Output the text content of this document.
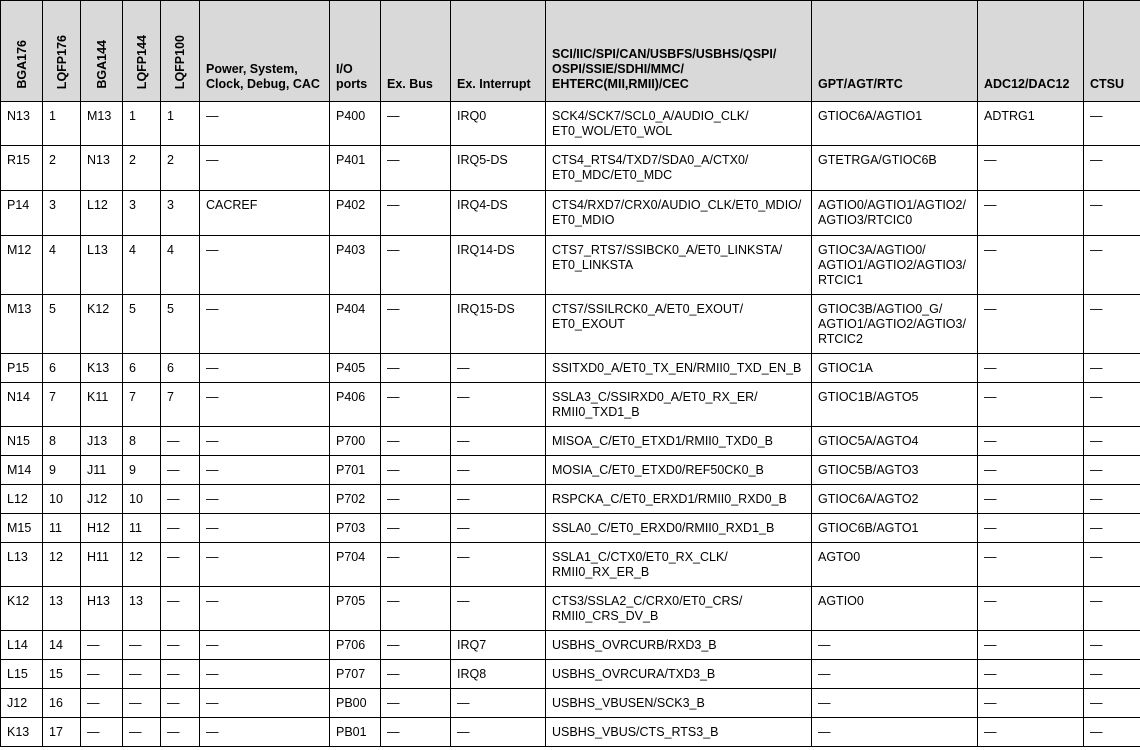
BGA176	LQFP176	BGA144	LQFP144	LQFP100	Power, System, Clock, Debug, CAC	I/O ports	Ex. Bus	Ex. Interrupt	SCI/IIC/SPI/CAN/USBFS/USBHS/QSPI/ OSPI/SSIE/SDHI/MMC/ EHTERC(MII,RMII)/CEC	GPT/AGT/RTC	ADC12/DAC12	CTSU
N13	1	M13	1	1	—	P400	—	IRQ0	SCK4/SCK7/SCL0_A/AUDIO_CLK/ ET0_WOL/ET0_WOL	GTIOC6A/AGTIO1	ADTRG1	—
R15	2	N13	2	2	—	P401	—	IRQ5-DS	CTS4_RTS4/TXD7/SDA0_A/CTX0/ ET0_MDC/ET0_MDC	GTETRGA/GTIOC6B	—	—
P14	3	L12	3	3	CACREF	P402	—	IRQ4-DS	CTS4/RXD7/CRX0/AUDIO_CLK/ET0_MDIO/ ET0_MDIO	AGTIO0/AGTIO1/AGTIO2/ AGTIO3/RTCIC0	—	—
M12	4	L13	4	4	—	P403	—	IRQ14-DS	CTS7_RTS7/SSIBCK0_A/ET0_LINKSTA/ ET0_LINKSTA	GTIOC3A/AGTIO0/ AGTIO1/AGTIO2/AGTIO3/ RTCIC1	—	—
M13	5	K12	5	5	—	P404	—	IRQ15-DS	CTS7/SSILRCK0_A/ET0_EXOUT/ ET0_EXOUT	GTIOC3B/AGTIO0_G/ AGTIO1/AGTIO2/AGTIO3/ RTCIC2	—	—
P15	6	K13	6	6	—	P405	—	—	SSITXD0_A/ET0_TX_EN/RMII0_TXD_EN_B	GTIOC1A	—	—
N14	7	K11	7	7	—	P406	—	—	SSLA3_C/SSIRXD0_A/ET0_RX_ER/ RMII0_TXD1_B	GTIOC1B/AGTO5	—	—
N15	8	J13	8	—	—	P700	—	—	MISOA_C/ET0_ETXD1/RMII0_TXD0_B	GTIOC5A/AGTO4	—	—
M14	9	J11	9	—	—	P701	—	—	MOSIA_C/ET0_ETXD0/REF50CK0_B	GTIOC5B/AGTO3	—	—
L12	10	J12	10	—	—	P702	—	—	RSPCKA_C/ET0_ERXD1/RMII0_RXD0_B	GTIOC6A/AGTO2	—	—
M15	11	H12	11	—	—	P703	—	—	SSLA0_C/ET0_ERXD0/RMII0_RXD1_B	GTIOC6B/AGTO1	—	—
L13	12	H11	12	—	—	P704	—	—	SSLA1_C/CTX0/ET0_RX_CLK/ RMII0_RX_ER_B	AGTO0	—	—
K12	13	H13	13	—	—	P705	—	—	CTS3/SSLA2_C/CRX0/ET0_CRS/ RMII0_CRS_DV_B	AGTIO0	—	—
L14	14	—	—	—	—	P706	—	IRQ7	USBHS_OVRCURB/RXD3_B	—	—	—
L15	15	—	—	—	—	P707	—	IRQ8	USBHS_OVRCURA/TXD3_B	—	—	—
J12	16	—	—	—	—	PB00	—	—	USBHS_VBUSEN/SCK3_B	—	—	—
K13	17	—	—	—	—	PB01	—	—	USBHS_VBUS/CTS_RTS3_B	—	—	—
